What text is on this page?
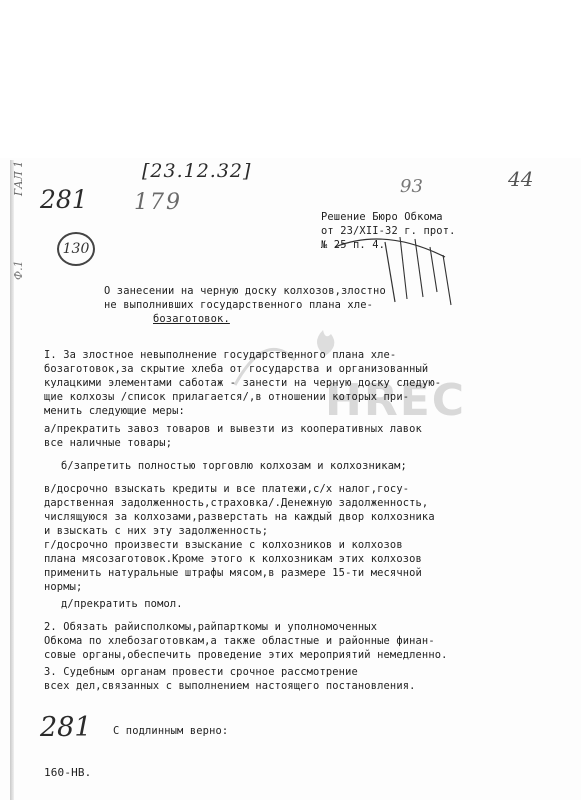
[23.12.32]
281 179
44
93
130
ГАЛ 1
Ф.1
281
НRЕС
Решение Бюро Обкома
от 23/XII-32 г. прот.
№ 25 п. 4.
О занесении на черную доску колхозов,злостно
не выполнивших государственного плана хле-
бозаготовок.
I. За злостное невыполнение государственного плана хле-
бозаготовок,за скрытие хлеба от государства и организованный
кулацкими элементами саботаж - занести на черную доску следую-
щие колхозы /список прилагается/,в отношении которых при-
менить следующие меры:
а/прекратить завоз товаров и вывезти из кооперативных лавок
все наличные товары;
б/запретить полностью торговлю колхозам и колхозникам;
в/досрочно взыскать кредиты и все платежи,с/х налог,госу-
дарственная задолженность,страховка/.Денежную задолженность,
числящуюся за колхозами,разверстать на каждый двор колхозника
и взыскать с них эту задолженность;
г/досрочно произвести взыскание с колхозников и колхозов
плана мясозаготовок.Кроме этого к колхозникам этих колхозов
применить натуральные штрафы мясом,в размере 15-ти месячной
нормы;
д/прекратить помол.
2. Обязать райисполкомы,райпарткомы и уполномоченных
Обкома по хлебозаготовкам,а также областные и районные финан-
совые органы,обеспечить проведение этих мероприятий немедленно.
3. Судебным органам провести срочное рассмотрение
всех дел,связанных с выполнением настоящего постановления.
С подлинным верно:
160-НВ.
